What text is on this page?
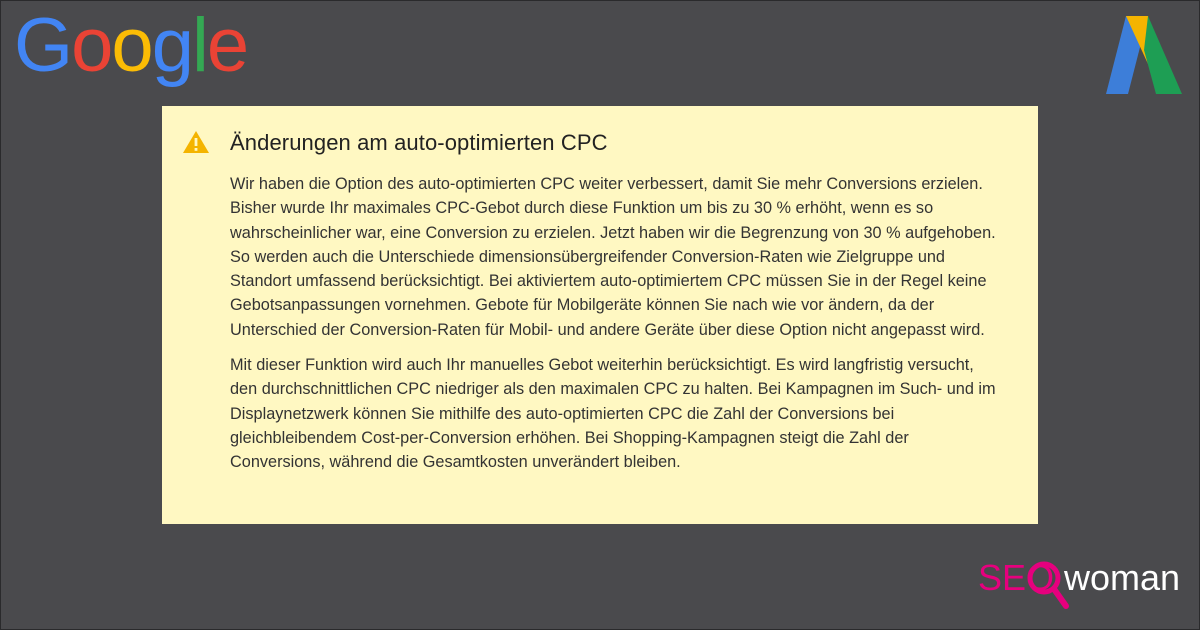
Google
Änderungen am auto-optimierten CPC

Wir haben die Option des auto-optimierten CPC weiter verbessert, damit Sie mehr Conversions erzielen. Bisher wurde Ihr maximales CPC-Gebot durch diese Funktion um bis zu 30 % erhöht, wenn es so wahrscheinlicher war, eine Conversion zu erzielen. Jetzt haben wir die Begrenzung von 30 % aufgehoben. So werden auch die Unterschiede dimensionsübergreifender Conversion-Raten wie Zielgruppe und Standort umfassend berücksichtigt. Bei aktiviertem auto-optimiertem CPC müssen Sie in der Regel keine Gebotsanpassungen vornehmen. Gebote für Mobilgeräte können Sie nach wie vor ändern, da der Unterschied der Conversion-Raten für Mobil- und andere Geräte über diese Option nicht angepasst wird.

Mit dieser Funktion wird auch Ihr manuelles Gebot weiterhin berücksichtigt. Es wird langfristig versucht, den durchschnittlichen CPC niedriger als den maximalen CPC zu halten. Bei Kampagnen im Such- und im Displaynetzwerk können Sie mithilfe des auto-optimierten CPC die Zahl der Conversions bei gleichbleibendem Cost-per-Conversion erhöhen. Bei Shopping-Kampagnen steigt die Zahl der Conversions, während die Gesamtkosten unverändert bleiben.

SEO woman
